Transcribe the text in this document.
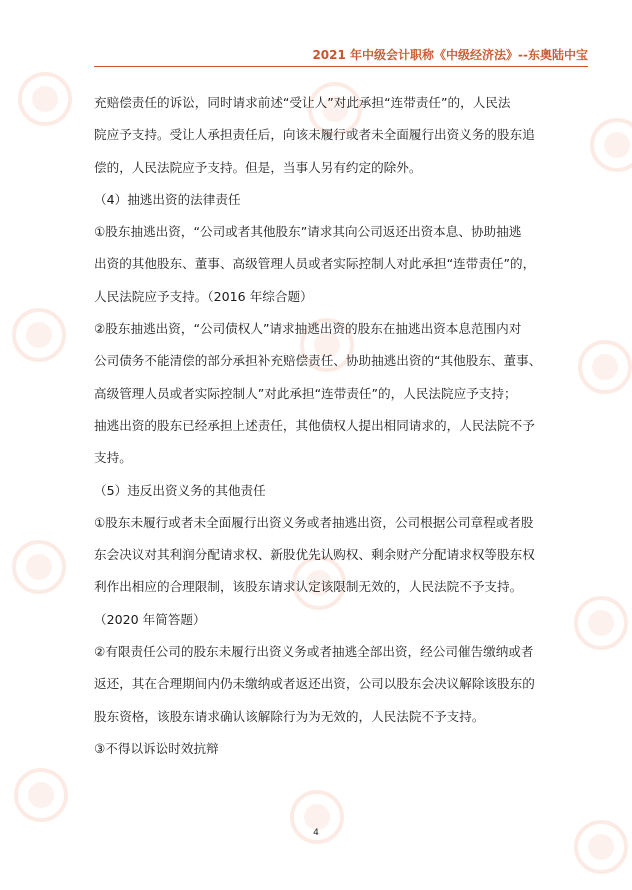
2021 年中级会计职称《中级经济法》--东奥陆中宝
充赔偿责任的诉讼，同时请求前述“受让人”对此承担“连带责任”的，人民法
院应予支持。受让人承担责任后，向该未履行或者未全面履行出资义务的股东追
偿的，人民法院应予支持。但是，当事人另有约定的除外。
（4）抽逃出资的法律责任
①股东抽逃出资，“公司或者其他股东”请求其向公司返还出资本息、协助抽逃
出资的其他股东、董事、高级管理人员或者实际控制人对此承担“连带责任”的，
人民法院应予支持。（2016 年综合题）
②股东抽逃出资，“公司债权人”请求抽逃出资的股东在抽逃出资本息范围内对
公司债务不能清偿的部分承担补充赔偿责任、协助抽逃出资的“其他股东、董事、
高级管理人员或者实际控制人”对此承担“连带责任”的，人民法院应予支持；
抽逃出资的股东已经承担上述责任，其他债权人提出相同请求的，人民法院不予
支持。
（5）违反出资义务的其他责任
①股东未履行或者未全面履行出资义务或者抽逃出资，公司根据公司章程或者股
东会决议对其利润分配请求权、新股优先认购权、剩余财产分配请求权等股东权
利作出相应的合理限制，该股东请求认定该限制无效的，人民法院不予支持。
（2020 年简答题）
②有限责任公司的股东未履行出资义务或者抽逃全部出资，经公司催告缴纳或者
返还，其在合理期间内仍未缴纳或者返还出资，公司以股东会决议解除该股东的
股东资格，该股东请求确认该解除行为为无效的，人民法院不予支持。
③不得以诉讼时效抗辩
4
